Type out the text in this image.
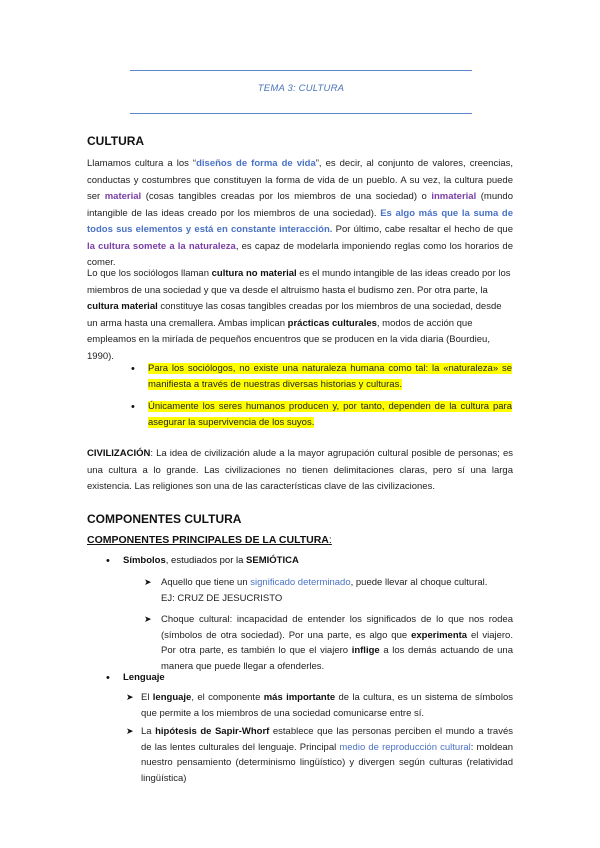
TEMA 3: CULTURA
CULTURA
Llamamos cultura a los “diseños de forma de vida”, es decir, al conjunto de valores, creencias, conductas y costumbres que constituyen la forma de vida de un pueblo. A su vez, la cultura puede ser material (cosas tangibles creadas por los miembros de una sociedad) o inmaterial (mundo intangible de las ideas creado por los miembros de una sociedad). Es algo más que la suma de todos sus elementos y está en constante interacción. Por último, cabe resaltar el hecho de que la cultura somete a la naturaleza, es capaz de modelarla imponiendo reglas como los horarios de comer.
Lo que los sociólogos llaman cultura no material es el mundo intangible de las ideas creado por los miembros de una sociedad y que va desde el altruismo hasta el budismo zen. Por otra parte, la cultura material constituye las cosas tangibles creadas por los miembros de una sociedad, desde un arma hasta una cremallera. Ambas implican prácticas culturales, modos de acción que empleamos en la miríada de pequeños encuentros que se producen en la vida diaria (Bourdieu, 1990).
• Para los sociólogos, no existe una naturaleza humana como tal: la «naturaleza» se manifiesta a través de nuestras diversas historias y culturas.
• Únicamente los seres humanos producen y, por tanto, dependen de la cultura para asegurar la supervivencia de los suyos.
CIVILIZACIÓN: La idea de civilización alude a la mayor agrupación cultural posible de personas; es una cultura a lo grande. Las civilizaciones no tienen delimitaciones claras, pero sí una larga existencia. Las religiones son una de las características clave de las civilizaciones.
COMPONENTES CULTURA
COMPONENTES PRINCIPALES DE LA CULTURA:
• Símbolos, estudiados por la SEMIÓTICA
➤ Aquello que tiene un significado determinado, puede llevar al choque cultural.
EJ: CRUZ DE JESUCRISTO
➤ Choque cultural: incapacidad de entender los significados de lo que nos rodea (símbolos de otra sociedad). Por una parte, es algo que experimenta el viajero. Por otra parte, es también lo que el viajero inflige a los demás actuando de una manera que puede llegar a ofenderles.
• Lenguaje
➤ El lenguaje, el componente más importante de la cultura, es un sistema de símbolos que permite a los miembros de una sociedad comunicarse entre sí.
➤ La hipótesis de Sapir-Whorf establece que las personas perciben el mundo a través de las lentes culturales del lenguaje. Principal medio de reproducción cultural: moldean nuestro pensamiento (determinismo lingüístico) y divergen según culturas (relatividad lingüística)
